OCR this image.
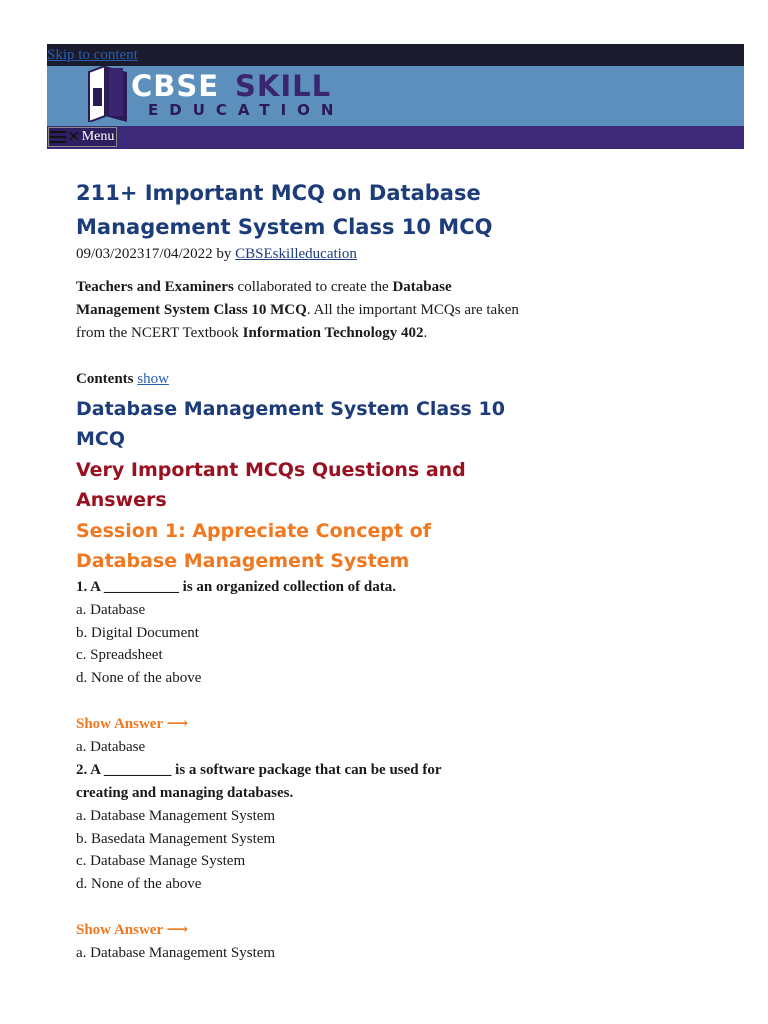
Skip to content
CBSE SKILL
EDUCATION
✕ Menu
211+ Important MCQ on Database Management System Class 10 MCQ
09/03/202317/04/2022 by CBSEskilleducation
Teachers and Examiners collaborated to create the Database Management System Class 10 MCQ. All the important MCQs are taken from the NCERT Textbook Information Technology 402.
Contents show
Database Management System Class 10 MCQ
Very Important MCQs Questions and Answers
Session 1: Appreciate Concept of Database Management System
1. A __________ is an organized collection of data.
a. Database
b. Digital Document
c. Spreadsheet
d. None of the above
Show Answer ⟶
a. Database
2. A _________ is a software package that can be used for
creating and managing databases.
a. Database Management System
b. Basedata Management System
c. Database Manage System
d. None of the above
Show Answer ⟶
a. Database Management System
